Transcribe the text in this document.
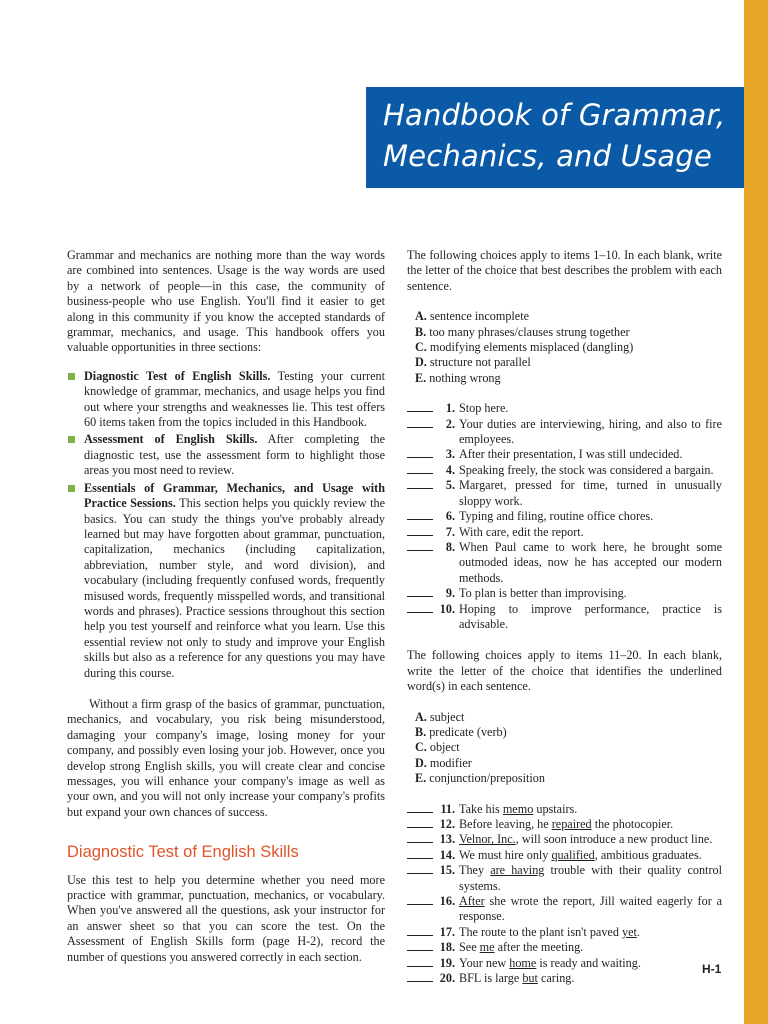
Handbook of Grammar,
Mechanics, and Usage

Grammar and mechanics are nothing more than the way words are combined into sentences. Usage is the way words are used by a network of people—in this case, the community of business-people who use English. You'll find it easier to get along in this community if you know the accepted standards of grammar, mechanics, and usage. This handbook offers you valuable opportunities in three sections:

Diagnostic Test of English Skills. Testing your current knowledge of grammar, mechanics, and usage helps you find out where your strengths and weaknesses lie. This test offers 60 items taken from the topics included in this Handbook.
Assessment of English Skills. After completing the diagnostic test, use the assessment form to highlight those areas you most need to review.
Essentials of Grammar, Mechanics, and Usage with Practice Sessions. This section helps you quickly review the basics. You can study the things you've probably already learned but may have forgotten about grammar, punctuation, capitalization, mechanics (including capitalization, abbreviation, number style, and word division), and vocabulary (including frequently confused words, frequently misused words, frequently misspelled words, and transitional words and phrases). Practice sessions throughout this section help you test yourself and reinforce what you learn. Use this essential review not only to study and improve your English skills but also as a reference for any questions you may have during this course.

Without a firm grasp of the basics of grammar, punctuation, mechanics, and vocabulary, you risk being misunderstood, damaging your company's image, losing money for your company, and possibly even losing your job. However, once you develop strong English skills, you will create clear and concise messages, you will enhance your company's image as well as your own, and you will not only increase your company's profits but expand your own chances of success.

Diagnostic Test of English Skills

Use this test to help you determine whether you need more practice with grammar, punctuation, mechanics, or vocabulary. When you've answered all the questions, ask your instructor for an answer sheet so that you can score the test. On the Assessment of English Skills form (page H-2), record the number of questions you answered correctly in each section.

The following choices apply to items 1–10. In each blank, write the letter of the choice that best describes the problem with each sentence.

A. sentence incomplete
B. too many phrases/clauses strung together
C. modifying elements misplaced (dangling)
D. structure not parallel
E. nothing wrong
1. Stop here.
2. Your duties are interviewing, hiring, and also to fire employees.
3. After their presentation, I was still undecided.
4. Speaking freely, the stock was considered a bargain.
5. Margaret, pressed for time, turned in unusually sloppy work.
6. Typing and filing, routine office chores.
7. With care, edit the report.
8. When Paul came to work here, he brought some outmoded ideas, now he has accepted our modern methods.
9. To plan is better than improvising.
10. Hoping to improve performance, practice is advisable.

The following choices apply to items 11–20. In each blank, write the letter of the choice that identifies the underlined word(s) in each sentence.

A. subject
B. predicate (verb)
C. object
D. modifier
E. conjunction/preposition
11. Take his memo upstairs.
12. Before leaving, he repaired the photocopier.
13. Velnor, Inc., will soon introduce a new product line.
14. We must hire only qualified, ambitious graduates.
15. They are having trouble with their quality control systems.
16. After she wrote the report, Jill waited eagerly for a response.
17. The route to the plant isn't paved yet.
18. See me after the meeting.
19. Your new home is ready and waiting.
20. BFL is large but caring.
H-1
